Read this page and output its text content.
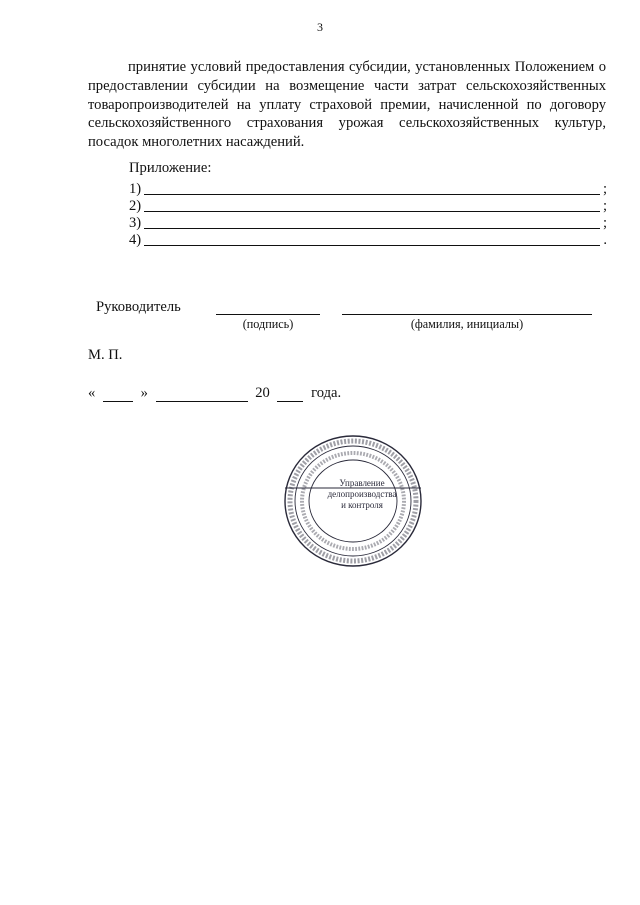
3

принятие условий предоставления субсидии, установленных Положением о предоставлении субсидии на возмещение части затрат сельскохозяйственных товаропроизводителей на уплату страховой премии, начисленной по договору сельскохозяйственного страхования урожая сельскохозяйственных культур, посадок многолетних насаждений.

Приложение:
1)	;
2)	;
3)	;
4)	.
Руководитель
(подпись)	(фамилия, инициалы)
М. П.
«	»	20	года.
Управление
делопроизводства
и контроля
